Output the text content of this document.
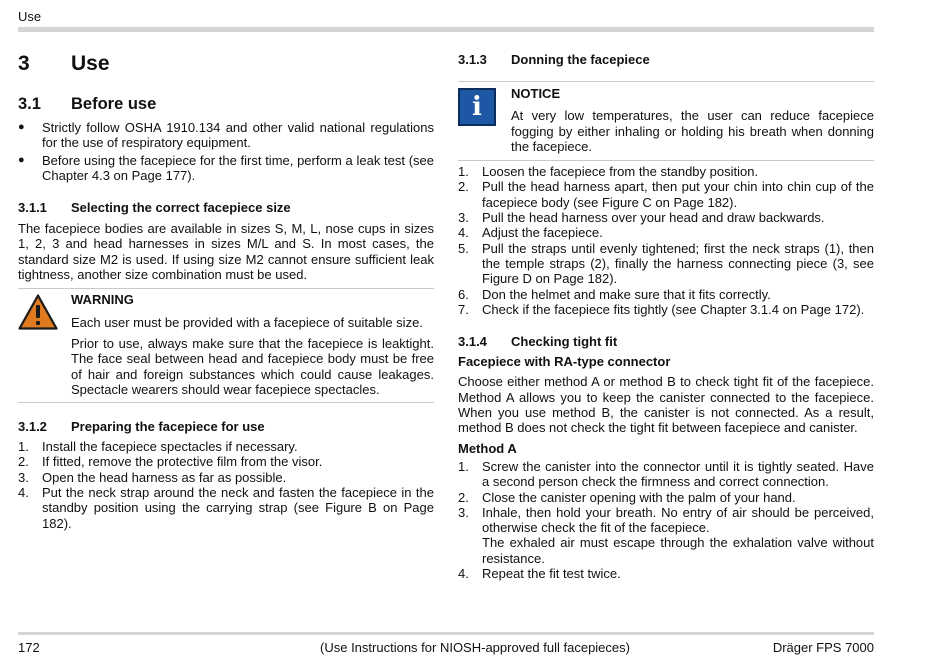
Use
3	Use
3.1	Before use
●	Strictly follow OSHA 1910.134 and other valid national regulations for the use of respiratory equipment.
●	Before using the facepiece for the first time, perform a leak test (see Chapter 4.3 on Page 177).
3.1.1	Selecting the correct facepiece size

The facepiece bodies are available in sizes S, M, L, nose cups in sizes 1, 2, 3 and head harnesses in sizes M/L and S. In most cases, the standard size M2 is used. If using size M2 cannot ensure sufficient leak tightness, another size combination must be used.

WARNING

Each user must be provided with a facepiece of suitable size.

Prior to use, always make sure that the facepiece is leaktight. The face seal between head and facepiece body must be free of hair and foreign substances which could cause leakages. Spectacle wearers should wear facepiece spectacles.

3.1.2	Preparing the facepiece for use
1.	Install the facepiece spectacles if necessary.
2.	If fitted, remove the protective film from the visor.
3.	Open the head harness as far as possible.
4.	Put the neck strap around the neck and fasten the facepiece in the standby position using the carrying strap (see Figure B on Page 182).
3.1.3	Donning the facepiece
i	NOTICE

At very low temperatures, the user can reduce facepiece fogging by either inhaling or holding his breath when donning the facepiece.

1.	Loosen the facepiece from the standby position.
2.	Pull the head harness apart, then put your chin into chin cup of the facepiece body (see Figure C on Page 182).
3.	Pull the head harness over your head and draw backwards.
4.	Adjust the facepiece.
5.	Pull the straps until evenly tightened; first the neck straps (1), then the temple straps (2), finally the harness connecting piece (3, see Figure D on Page 182).
6.	Don the helmet and make sure that it fits correctly.
7.	Check if the facepiece fits tightly (see Chapter 3.1.4 on Page 172).
3.1.4	Checking tight fit
Facepiece with RA-type connector

Choose either method A or method B to check tight fit of the facepiece. Method A allows you to keep the canister connected to the facepiece. When you use method B, the canister is not connected. As a result, method B does not check the tight fit between facepiece and canister.

Method A
1.	Screw the canister into the connector until it is tightly seated. Have a second person check the firmness and correct connection.
2.	Close the canister opening with the palm of your hand.
3.	Inhale, then hold your breath. No entry of air should be perceived, otherwise check the fit of the facepiece.
The exhaled air must escape through the exhalation valve without resistance.
4.	Repeat the fit test twice.
172	(Use Instructions for NIOSH-approved full facepieces)	Dräger FPS 7000
